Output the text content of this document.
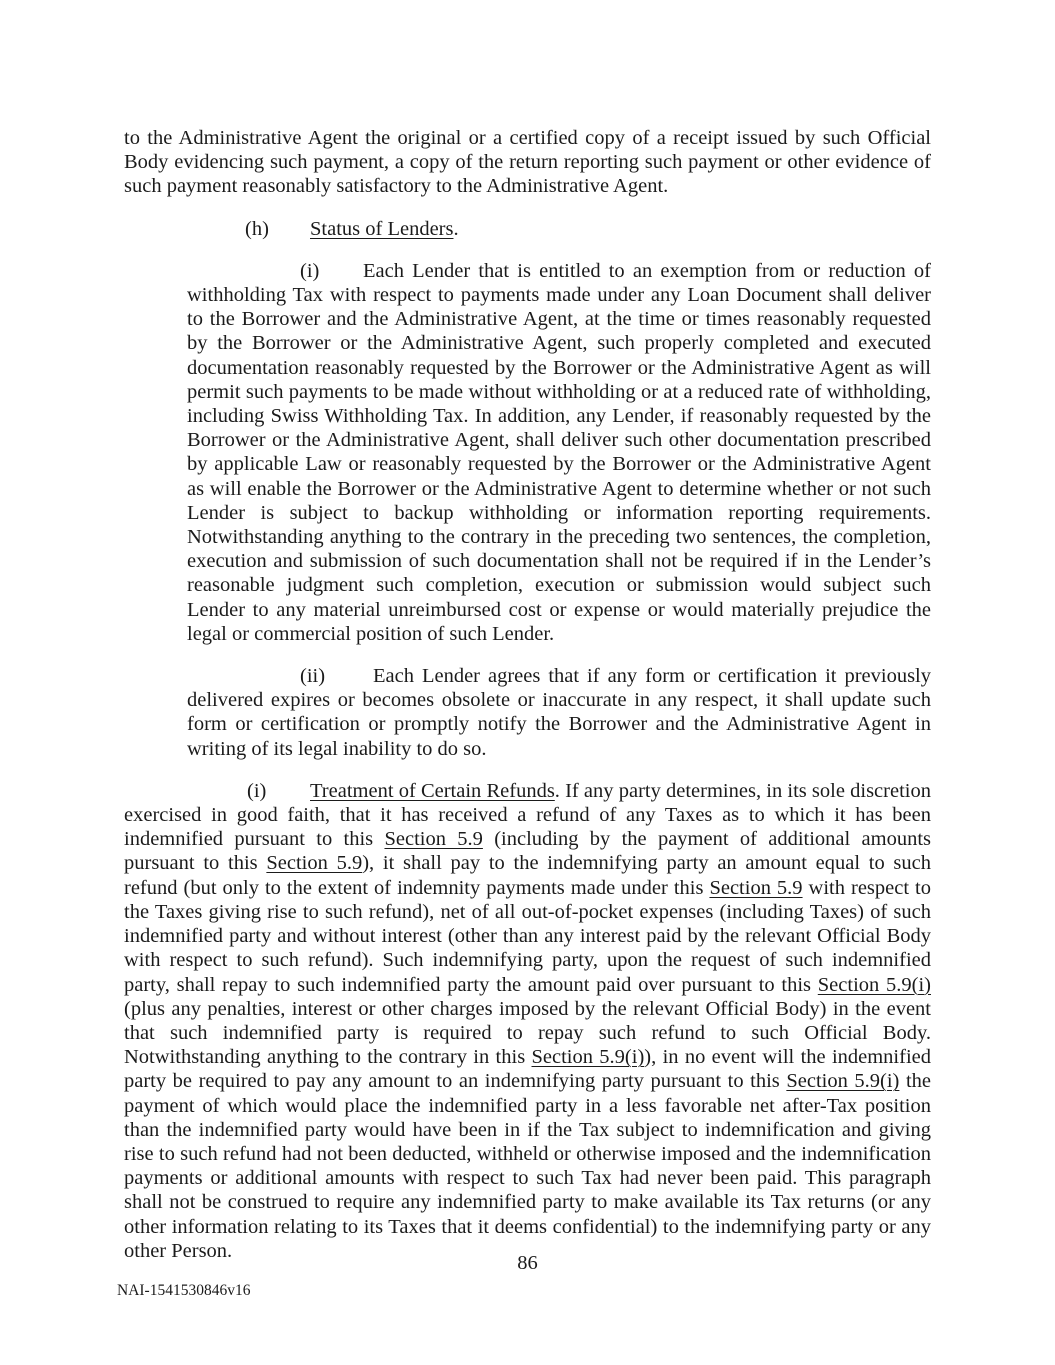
to the Administrative Agent the original or a certified copy of a receipt issued by such Official Body evidencing such payment, a copy of the return reporting such payment or other evidence of such payment reasonably satisfactory to the Administrative Agent.

(h) Status of Lenders.

(i) Each Lender that is entitled to an exemption from or reduction of withholding Tax with respect to payments made under any Loan Document shall deliver to the Borrower and the Administrative Agent, at the time or times reasonably requested by the Borrower or the Administrative Agent, such properly completed and executed documentation reasonably requested by the Borrower or the Administrative Agent as will permit such payments to be made without withholding or at a reduced rate of withholding, including Swiss Withholding Tax. In addition, any Lender, if reasonably requested by the Borrower or the Administrative Agent, shall deliver such other documentation prescribed by applicable Law or reasonably requested by the Borrower or the Administrative Agent as will enable the Borrower or the Administrative Agent to determine whether or not such Lender is subject to backup withholding or information reporting requirements. Notwithstanding anything to the contrary in the preceding two sentences, the completion, execution and submission of such documentation shall not be required if in the Lender’s reasonable judgment such completion, execution or submission would subject such Lender to any material unreimbursed cost or expense or would materially prejudice the legal or commercial position of such Lender.

(ii) Each Lender agrees that if any form or certification it previously delivered expires or becomes obsolete or inaccurate in any respect, it shall update such form or certification or promptly notify the Borrower and the Administrative Agent in writing of its legal inability to do so.

(i) Treatment of Certain Refunds. If any party determines, in its sole discretion exercised in good faith, that it has received a refund of any Taxes as to which it has been indemnified pursuant to this Section 5.9 (including by the payment of additional amounts pursuant to this Section 5.9), it shall pay to the indemnifying party an amount equal to such refund (but only to the extent of indemnity payments made under this Section 5.9 with respect to the Taxes giving rise to such refund), net of all out-of-pocket expenses (including Taxes) of such indemnified party and without interest (other than any interest paid by the relevant Official Body with respect to such refund). Such indemnifying party, upon the request of such indemnified party, shall repay to such indemnified party the amount paid over pursuant to this Section 5.9(i) (plus any penalties, interest or other charges imposed by the relevant Official Body) in the event that such indemnified party is required to repay such refund to such Official Body. Notwithstanding anything to the contrary in this Section 5.9(i)), in no event will the indemnified party be required to pay any amount to an indemnifying party pursuant to this Section 5.9(i) the payment of which would place the indemnified party in a less favorable net after-Tax position than the indemnified party would have been in if the Tax subject to indemnification and giving rise to such refund had not been deducted, withheld or otherwise imposed and the indemnification payments or additional amounts with respect to such Tax had never been paid. This paragraph shall not be construed to require any indemnified party to make available its Tax returns (or any other information relating to its Taxes that it deems confidential) to the indemnifying party or any other Person.

86
NAI-1541530846v16
